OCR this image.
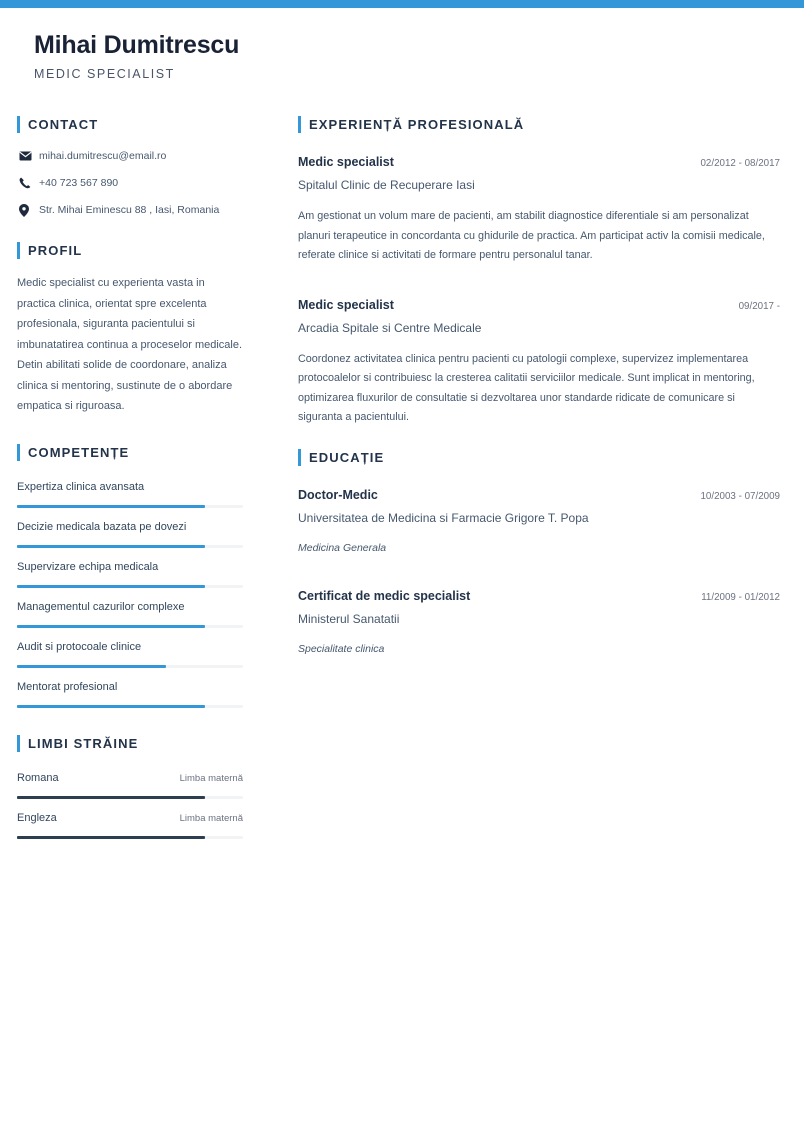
Mihai Dumitrescu
MEDIC SPECIALIST
CONTACT
mihai.dumitrescu@email.ro
+40 723 567 890
Str. Mihai Eminescu 88 , Iasi, Romania
PROFIL
Medic specialist cu experienta vasta in practica clinica, orientat spre excelenta profesionala, siguranta pacientului si imbunatatirea continua a proceselor medicale. Detin abilitati solide de coordonare, analiza clinica si mentoring, sustinute de o abordare empatica si riguroasa.
COMPETENȚE
Expertiza clinica avansata
Decizie medicala bazata pe dovezi
Supervizare echipa medicala
Managementul cazurilor complexe
Audit si protocoale clinice
Mentorat profesional
LIMBI STRĂINE
Romana	Limba maternă
Engleza	Limba maternă
EXPERIENȚĂ PROFESIONALĂ
Medic specialist	02/2012 - 08/2017
Spitalul Clinic de Recuperare Iasi
Am gestionat un volum mare de pacienti, am stabilit diagnostice diferentiale si am personalizat planuri terapeutice in concordanta cu ghidurile de practica. Am participat activ la comisii medicale, referate clinice si activitati de formare pentru personalul tanar.
Medic specialist	09/2017 -
Arcadia Spitale si Centre Medicale
Coordonez activitatea clinica pentru pacienti cu patologii complexe, supervizez implementarea protocoalelor si contribuiesc la cresterea calitatii serviciilor medicale. Sunt implicat in mentoring, optimizarea fluxurilor de consultatie si dezvoltarea unor standarde ridicate de comunicare si siguranta a pacientului.
EDUCAȚIE
Doctor-Medic	10/2003 - 07/2009
Universitatea de Medicina si Farmacie Grigore T. Popa
Medicina Generala
Certificat de medic specialist	11/2009 - 01/2012
Ministerul Sanatatii
Specialitate clinica
